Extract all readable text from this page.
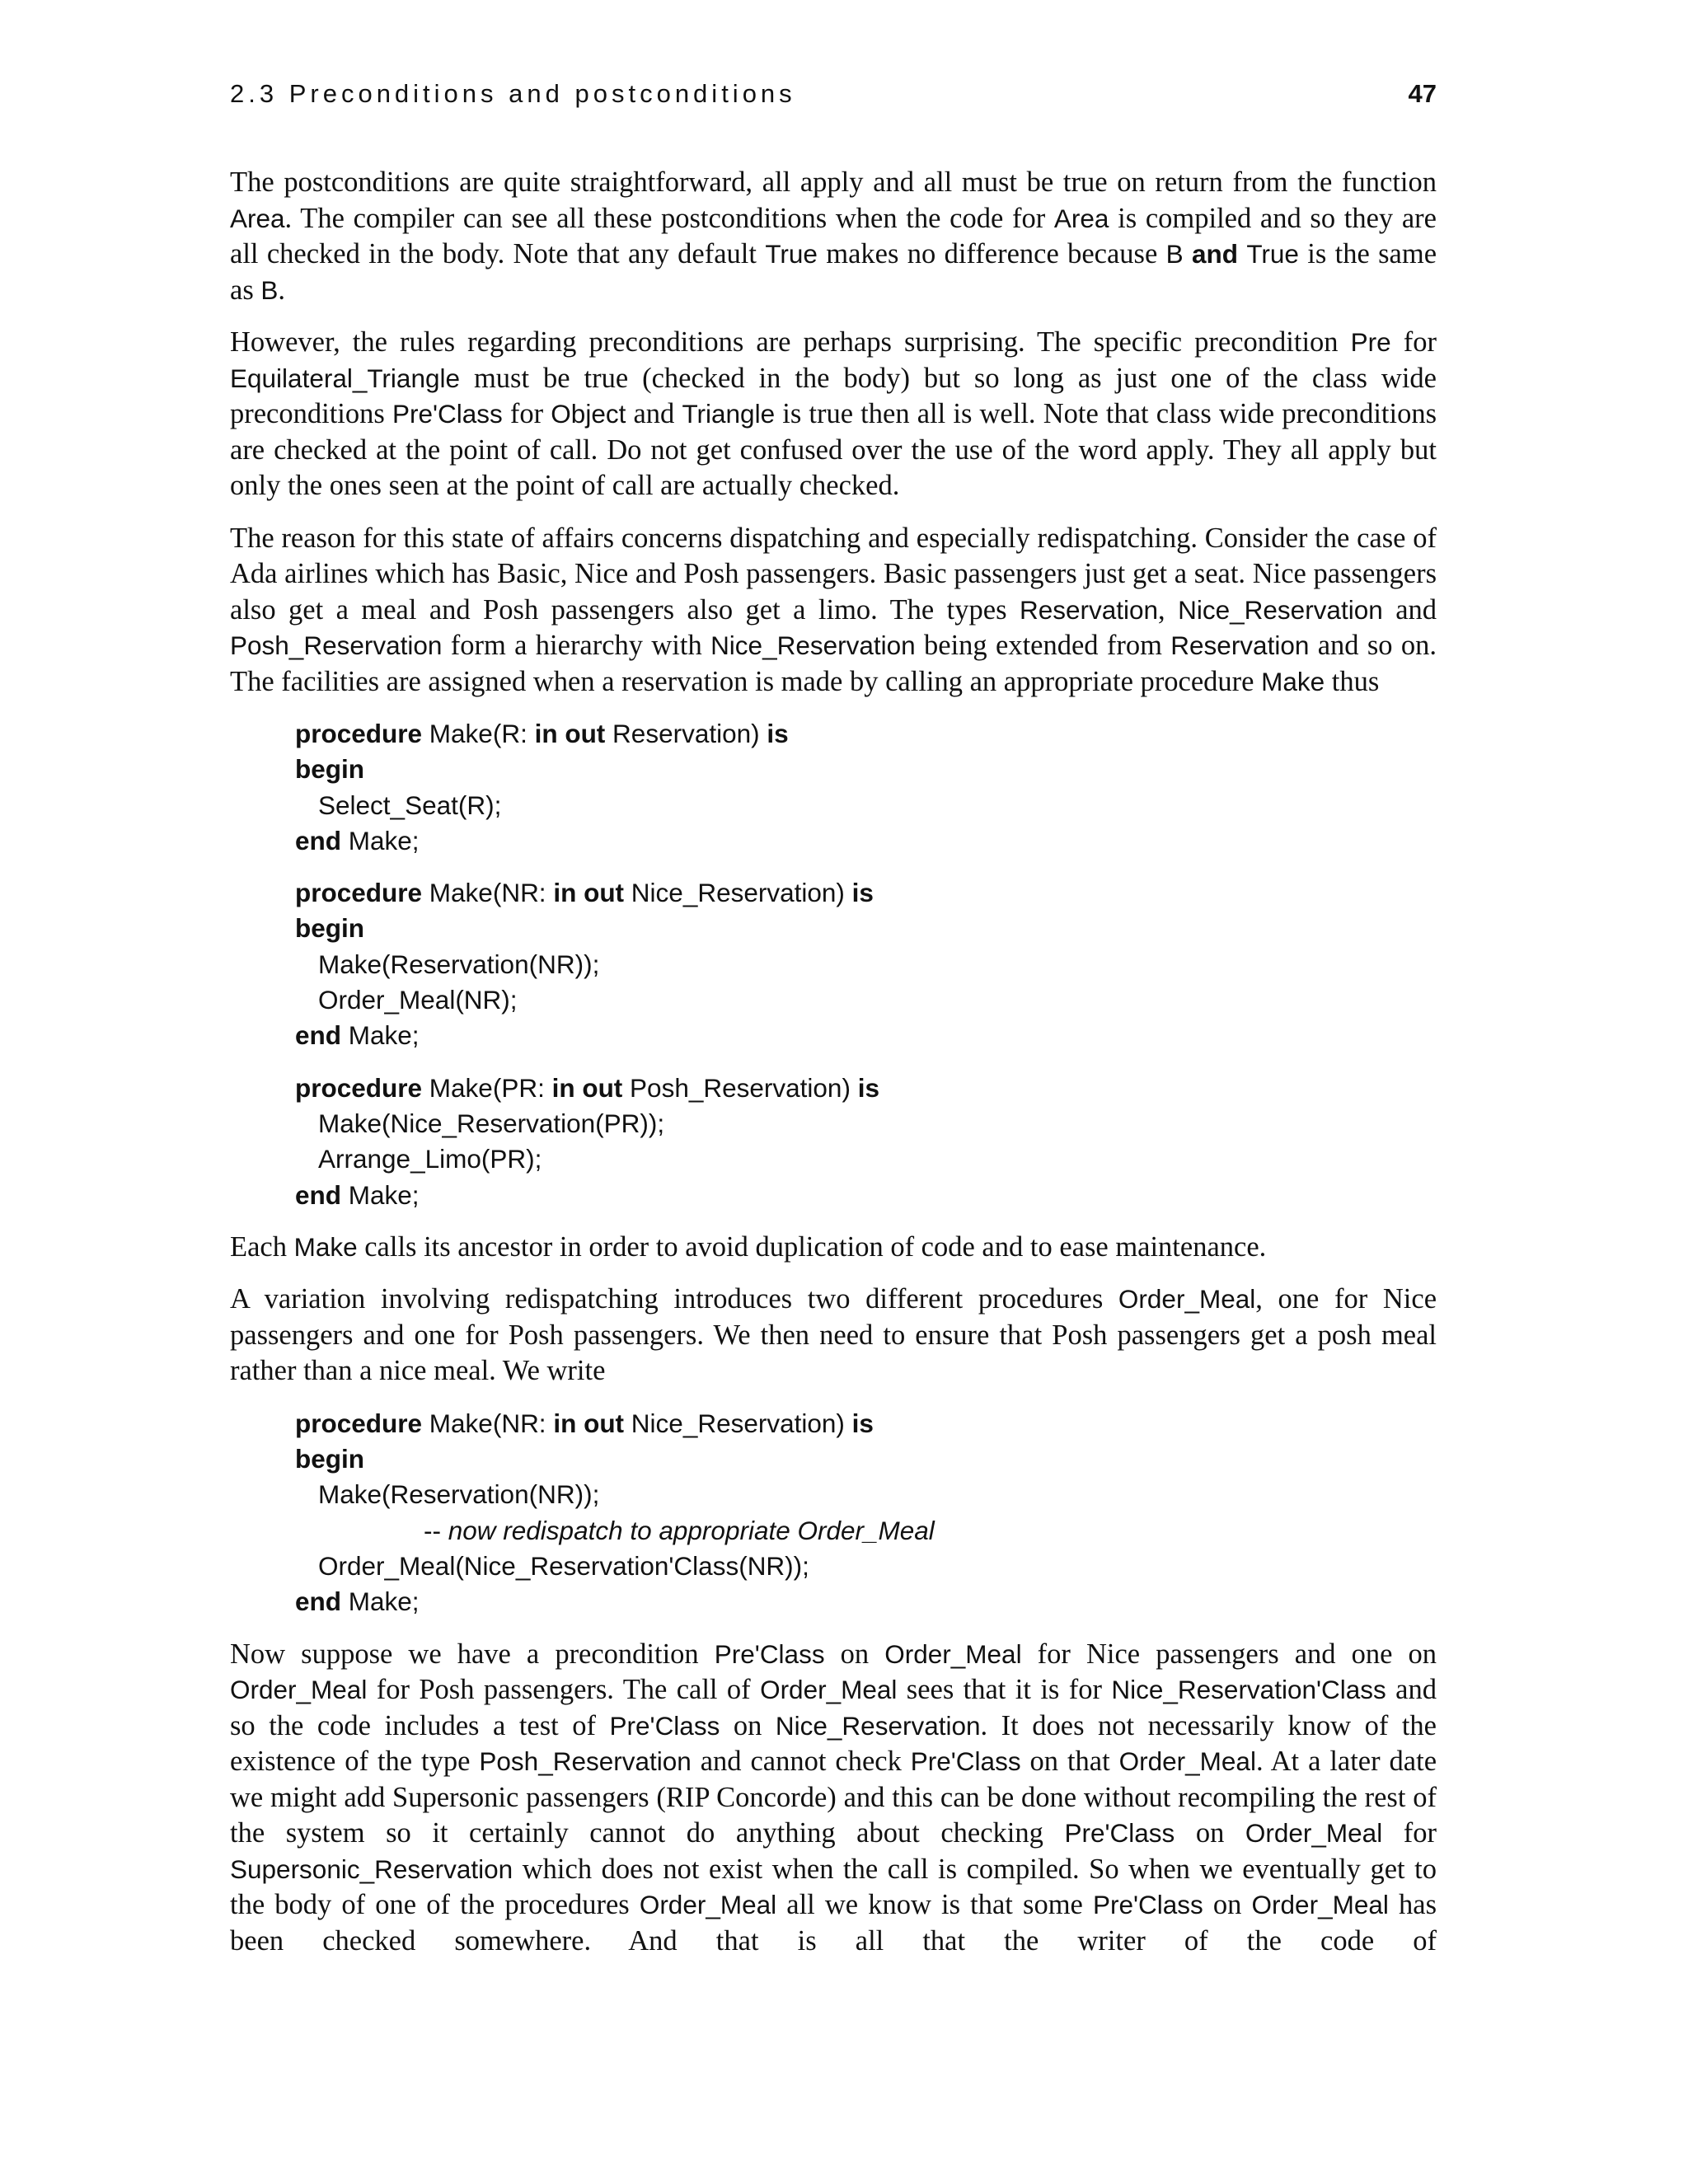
2.3 Preconditions and postconditions	47

The postconditions are quite straightforward, all apply and all must be true on return from the function Area. The compiler can see all these postconditions when the code for Area is compiled and so they are all checked in the body. Note that any default True makes no difference because B and True is the same as B.

However, the rules regarding preconditions are perhaps surprising. The specific precondition Pre for Equilateral_Triangle must be true (checked in the body) but so long as just one of the class wide preconditions Pre'Class for Object and Triangle is true then all is well. Note that class wide preconditions are checked at the point of call. Do not get confused over the use of the word apply. They all apply but only the ones seen at the point of call are actually checked.

The reason for this state of affairs concerns dispatching and especially redispatching. Consider the case of Ada airlines which has Basic, Nice and Posh passengers. Basic passengers just get a seat. Nice passengers also get a meal and Posh passengers also get a limo. The types Reservation, Nice_Reservation and Posh_Reservation form a hierarchy with Nice_Reservation being extended from Reservation and so on. The facilities are assigned when a reservation is made by calling an appropriate procedure Make thus

procedure Make(R: in out Reservation) is
begin
Select_Seat(R);
end Make;
procedure Make(NR: in out Nice_Reservation) is
begin
Make(Reservation(NR));
Order_Meal(NR);
end Make;
procedure Make(PR: in out Posh_Reservation) is
Make(Nice_Reservation(PR));
Arrange_Limo(PR);
end Make;

Each Make calls its ancestor in order to avoid duplication of code and to ease maintenance.

A variation involving redispatching introduces two different procedures Order_Meal, one for Nice passengers and one for Posh passengers. We then need to ensure that Posh passengers get a posh meal rather than a nice meal. We write

procedure Make(NR: in out Nice_Reservation) is
begin
Make(Reservation(NR));
-- now redispatch to appropriate Order_Meal
Order_Meal(Nice_Reservation'Class(NR));
end Make;

Now suppose we have a precondition Pre'Class on Order_Meal for Nice passengers and one on Order_Meal for Posh passengers. The call of Order_Meal sees that it is for Nice_Reservation'Class and so the code includes a test of Pre'Class on Nice_Reservation. It does not necessarily know of the existence of the type Posh_Reservation and cannot check Pre'Class on that Order_Meal. At a later date we might add Supersonic passengers (RIP Concorde) and this can be done without recompiling the rest of the system so it certainly cannot do anything about checking Pre'Class on Order_Meal for Supersonic_Reservation which does not exist when the call is compiled. So when we eventually get to the body of one of the procedures Order_Meal all we know is that some Pre'Class on Order_Meal has been checked somewhere. And that is all that the writer of the code of
